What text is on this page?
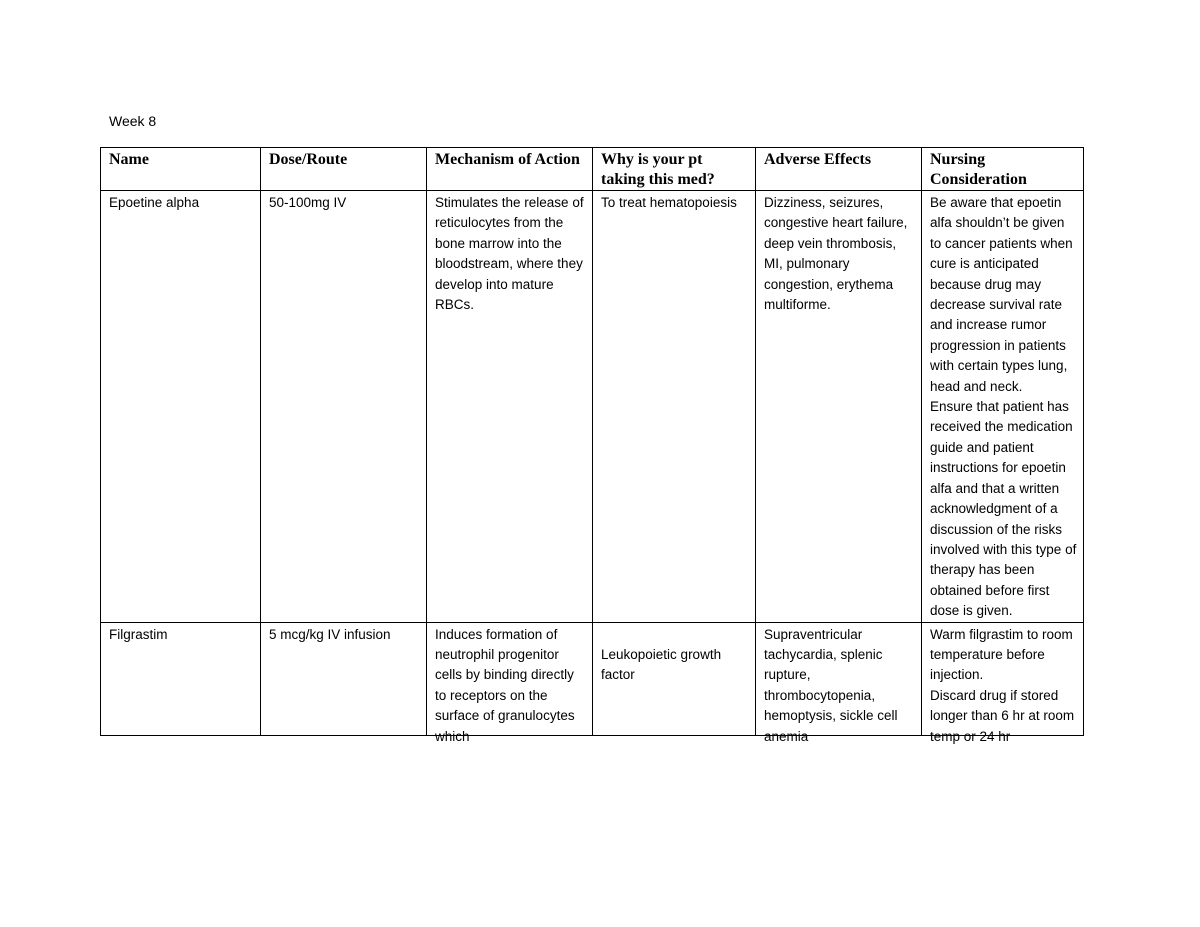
Week 8

Name	Dose/Route	Mechanism of Action	Why is your pt taking this med?	Adverse Effects	Nursing Consideration

Epoetine alpha	50-100mg IV	Stimulates the release of reticulocytes from the bone marrow into the bloodstream, where they develop into mature RBCs.	To treat hematopoiesis	Dizziness, seizures, congestive heart failure, deep vein thrombosis, MI, pulmonary congestion, erythema multiforme.	Be aware that epoetin alfa shouldn’t be given to cancer patients when cure is anticipated because drug may decrease survival rate and increase rumor progression in patients with certain types lung, head and neck.
Ensure that patient has received the medication guide and patient instructions for epoetin alfa and that a written acknowledgment of a discussion of the risks involved with this type of therapy has been obtained before first dose is given.

Filgrastim	5 mcg/kg IV infusion	Induces formation of neutrophil progenitor cells by binding directly to receptors on the surface of granulocytes which	Leukopoietic growth factor	Supraventricular tachycardia, splenic rupture, thrombocytopenia, hemoptysis, sickle cell anemia	Warm filgrastim to room temperature before injection.
Discard drug if stored longer than 6 hr at room temp or 24 hr
